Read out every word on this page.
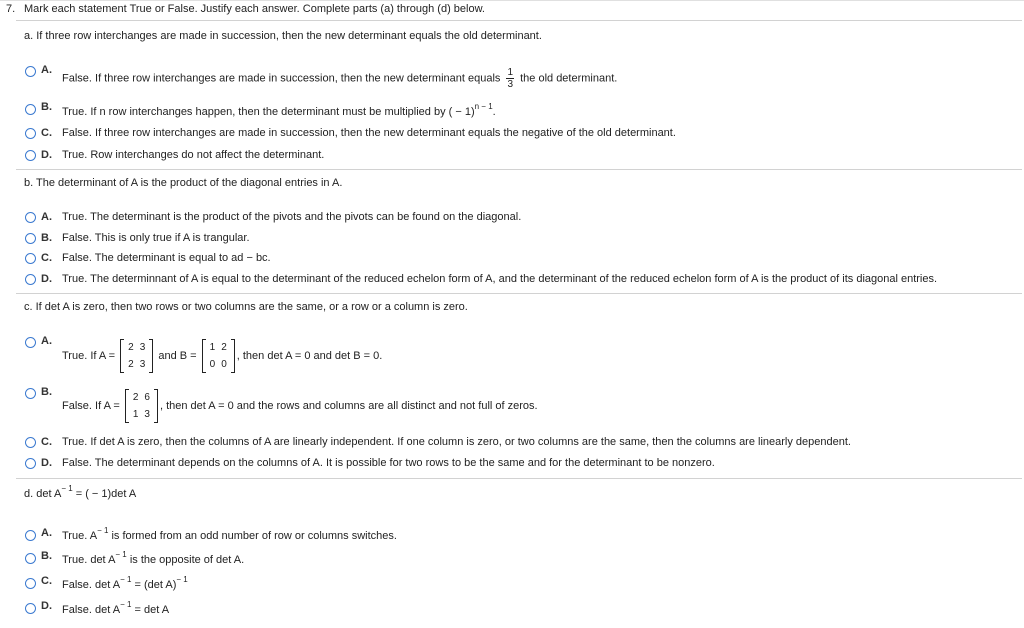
7. Mark each statement True or False. Justify each answer. Complete parts (a) through (d) below.
a. If three row interchanges are made in succession, then the new determinant equals the old determinant.
A.
False. If three row interchanges are made in succession, then the new determinant equals $\frac{1}{3}$ the old determinant.
B. True. If n row interchanges happen, then the determinant must be multiplied by ( − 1)$^{n - 1}$.
C. False. If three row interchanges are made in succession, then the new determinant equals the negative of the old determinant.
D. True. Row interchanges do not affect the determinant.
b. The determinant of A is the product of the diagonal entries in A.
A. True. The determinant is the product of the pivots and the pivots can be found on the diagonal.
B. False. This is only true if A is trangular.
C. False. The determinant is equal to ad − bc.
D. True. The determinnant of A is equal to the determinant of the reduced echelon form of A, and the determinant of the reduced echelon form of A is the product of its diagonal entries.
c. If det A is zero, then two rows or two columns are the same, or a row or a column is zero.
A.
True. If A =
2	3
2	3
and B =
1	2
0	0
, then det A = 0 and det B = 0.
B.
False. If A =
2	6
1	3
, then det A = 0 and the rows and columns are all distinct and not full of zeros.
C. True. If det A is zero, then the columns of A are linearly independent. If one column is zero, or two columns are the same, then the columns are linearly dependent.
D. False. The determinant depends on the columns of A. It is possible for two rows to be the same and for the determinant to be nonzero.
d. $\det A^{- 1}$ = ( − 1)det A
A. True. $A^{- 1}$ is formed from an odd number of row or columns switches.
B. True. $\det A^{- 1}$ is the opposite of det A.
C. False. $\det A^{- 1} = (\det$ A)$^{- 1}$
D. False. $\det A^{- 1} = \det A$
